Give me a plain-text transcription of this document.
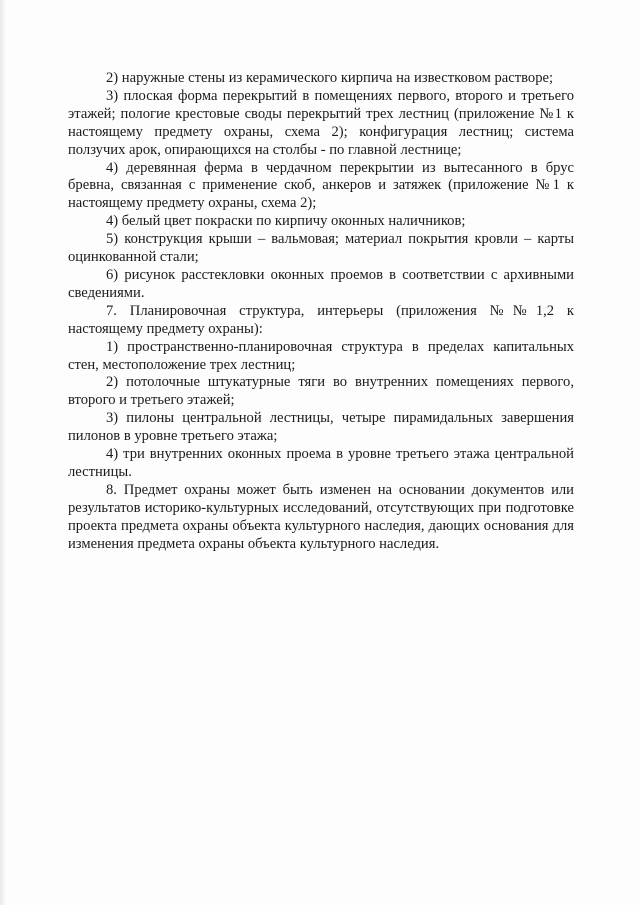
2) наружные стены из керамического кирпича на известковом растворе;

3) плоская форма перекрытий в помещениях первого, второго и третьего этажей; пологие крестовые своды перекрытий трех лестниц (приложение №1 к настоящему предмету охраны, схема 2); конфигурация лестниц; система ползучих арок, опирающихся на столбы - по главной лестнице;

4) деревянная ферма в чердачном перекрытии из вытесанного в брус бревна, связанная с применение скоб, анкеров и затяжек (приложение №1 к настоящему предмету охраны, схема 2);

4) белый цвет покраски по кирпичу оконных наличников;

5) конструкция крыши – вальмовая; материал покрытия кровли – карты оцинкованной стали;

6) рисунок расстекловки оконных проемов в соответствии с архивными сведениями.

7. Планировочная структура, интерьеры (приложения №№1,2 к настоящему предмету охраны):

1) пространственно-планировочная структура в пределах капитальных стен, местоположение трех лестниц;

2) потолочные штукатурные тяги во внутренних помещениях первого, второго и третьего этажей;

3) пилоны центральной лестницы, четыре пирамидальных завершения пилонов в уровне третьего этажа;

4) три внутренних оконных проема в уровне третьего этажа центральной лестницы.

8. Предмет охраны может быть изменен на основании документов или результатов историко-культурных исследований, отсутствующих при подготовке проекта предмета охраны объекта культурного наследия, дающих основания для изменения предмета охраны объекта культурного наследия.
